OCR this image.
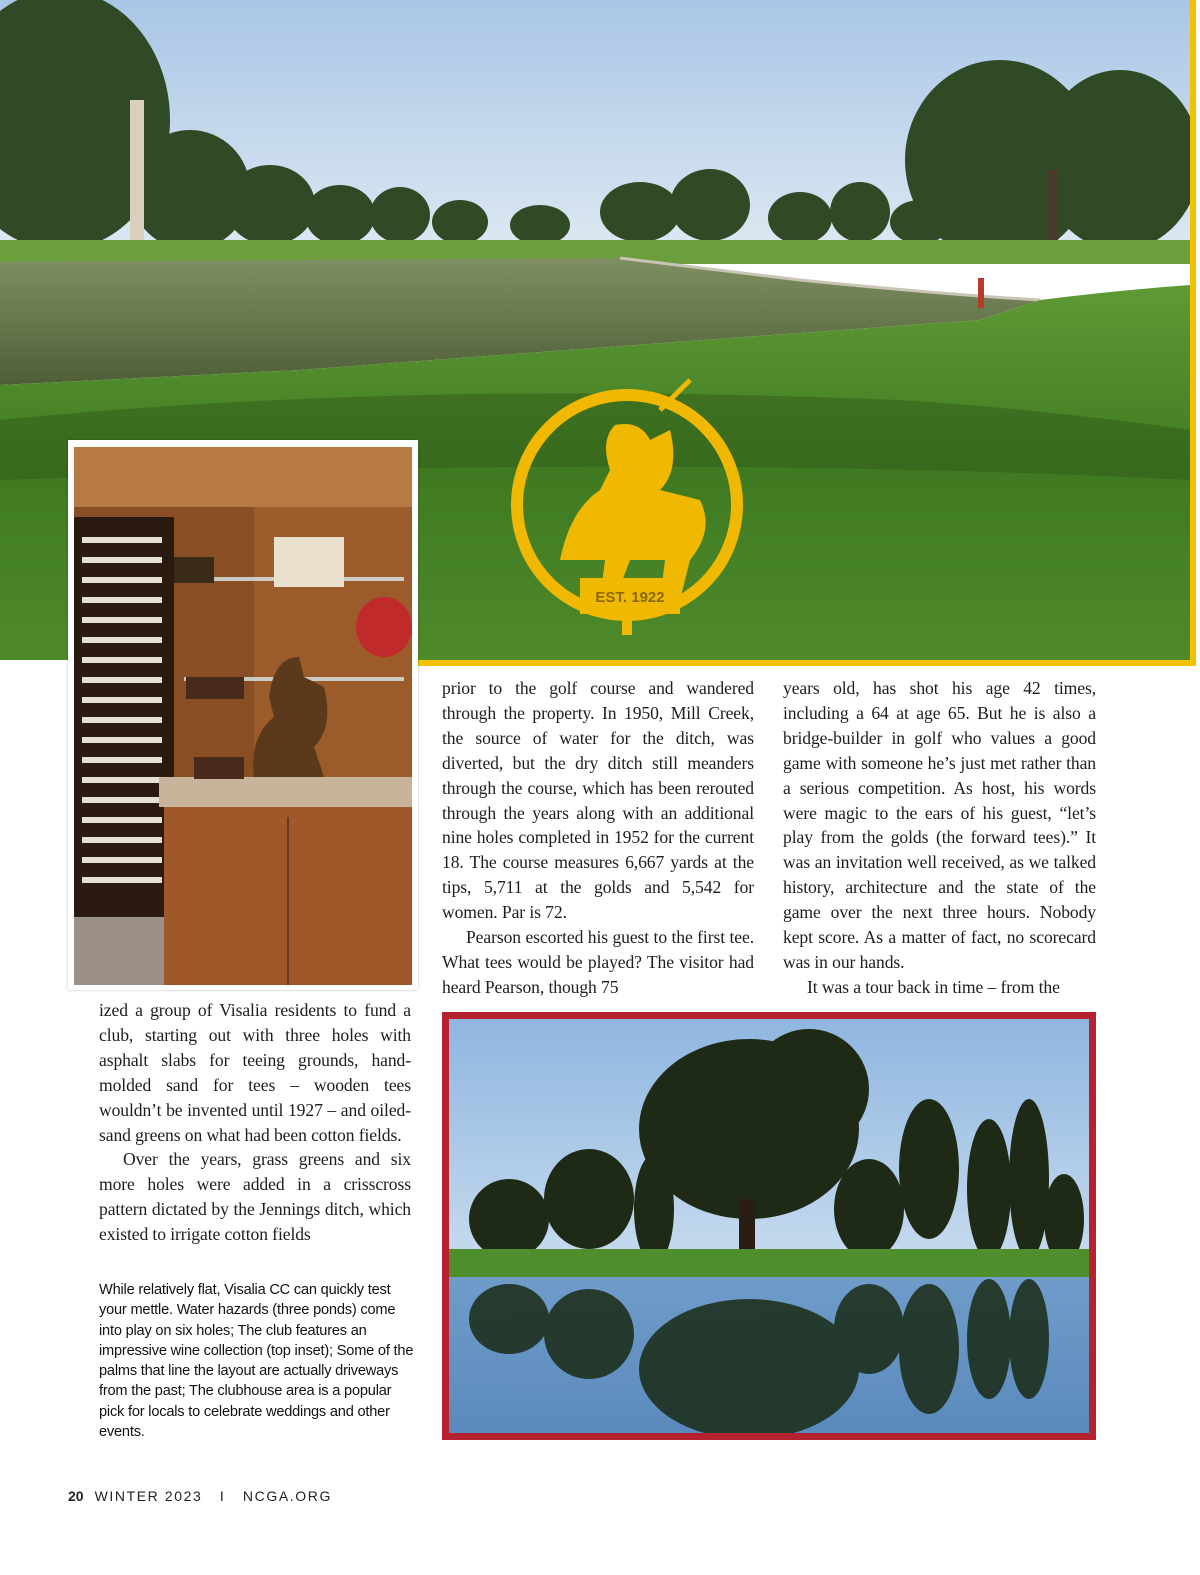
EST. 1922

prior to the golf course and wandered through the property. In 1950, Mill Creek, the source of water for the ditch, was diverted, but the dry ditch still meanders through the course, which has been rerouted through the years along with an additional nine holes completed in 1952 for the current 18. The course measures 6,667 yards at the tips, 5,711 at the golds and 5,542 for women. Par is 72.

Pearson escorted his guest to the first tee. What tees would be played? The visitor had heard Pearson, though 75

years old, has shot his age 42 times, including a 64 at age 65. But he is also a bridge-builder in golf who values a good game with someone he’s just met rather than a serious competition. As host, his words were magic to the ears of his guest, “let’s play from the golds (the forward tees).” It was an invitation well received, as we talked history, architecture and the state of the game over the next three hours. Nobody kept score. As a matter of fact, no scorecard was in our hands.

It was a tour back in time – from the

ized a group of Visalia residents to fund a club, starting out with three holes with asphalt slabs for teeing grounds, hand-molded sand for tees – wooden tees wouldn’t be invented until 1927 – and oiled-sand greens on what had been cotton fields.

Over the years, grass greens and six more holes were added in a crisscross pattern dictated by the Jennings ditch, which existed to irrigate cotton fields

While relatively flat, Visalia CC can quickly test your mettle. Water hazards (three ponds) come into play on six holes; The club features an impressive wine collection (top inset); Some of the palms that line the layout are actually driveways from the past; The clubhouse area is a popular pick for locals to celebrate weddings and other events.
20 WINTER 2023 I NCGA.ORG
